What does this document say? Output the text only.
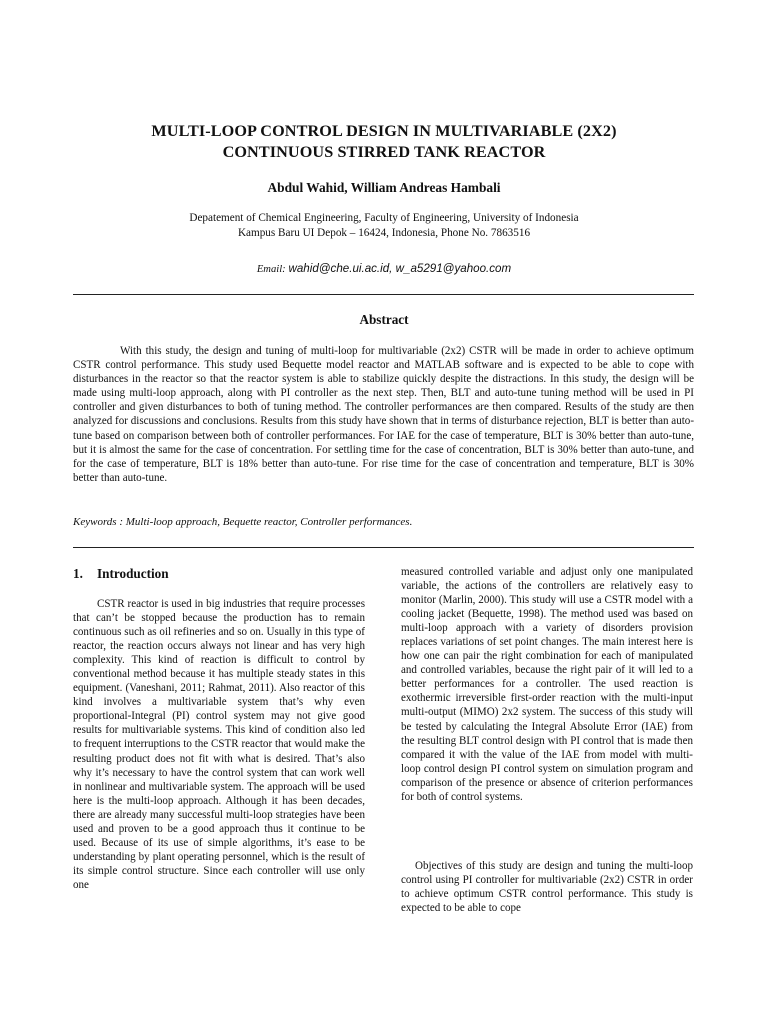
MULTI-LOOP CONTROL DESIGN IN MULTIVARIABLE (2X2)
CONTINUOUS STIRRED TANK REACTOR
Abdul Wahid, William Andreas Hambali
Depatement of Chemical Engineering, Faculty of Engineering, University of Indonesia
Kampus Baru UI Depok – 16424, Indonesia, Phone No. 7863516
Email: wahid@che.ui.ac.id, w_a5291@yahoo.com
Abstract

With this study, the design and tuning of multi-loop for multivariable (2x2) CSTR will be made in order to achieve optimum CSTR control performance. This study used Bequette model reactor and MATLAB software and is expected to be able to cope with disturbances in the reactor so that the reactor system is able to stabilize quickly despite the distractions. In this study, the design will be made using multi-loop approach, along with PI controller as the next step. Then, BLT and auto-tune tuning method will be used in PI controller and given disturbances to both of tuning method. The controller performances are then compared. Results of the study are then analyzed for discussions and conclusions. Results from this study have shown that in terms of disturbance rejection, BLT is better than auto-tune based on comparison between both of controller performances. For IAE for the case of temperature, BLT is 30% better than auto-tune, but it is almost the same for the case of concentration. For settling time for the case of concentration, BLT is 30% better than auto-tune, and for the case of temperature, BLT is 18% better than auto-tune. For rise time for the case of concentration and temperature, BLT is 30% better than auto-tune.

Keywords : Multi-loop approach, Bequette reactor, Controller performances.
1. Introduction

CSTR reactor is used in big industries that require processes that can’t be stopped because the production has to remain continuous such as oil refineries and so on. Usually in this type of reactor, the reaction occurs always not linear and has very high complexity. This kind of reaction is difficult to control by conventional method because it has multiple steady states in this equipment. (Vaneshani, 2011; Rahmat, 2011). Also reactor of this kind involves a multivariable system that’s why even proportional-Integral (PI) control system may not give good results for multivariable systems. This kind of condition also led to frequent interruptions to the CSTR reactor that would make the resulting product does not fit with what is desired. That’s also why it’s necessary to have the control system that can work well in nonlinear and multivariable system. The approach will be used here is the multi-loop approach. Although it has been decades, there are already many successful multi-loop strategies have been used and proven to be a good approach thus it continue to be used. Because of its use of simple algorithms, it’s ease to be understanding by plant operating personnel, which is the result of its simple control structure. Since each controller will use only one

measured controlled variable and adjust only one manipulated variable, the actions of the controllers are relatively easy to monitor (Marlin, 2000). This study will use a CSTR model with a cooling jacket (Bequette, 1998). The method used was based on multi-loop approach with a variety of disorders provision replaces variations of set point changes. The main interest here is how one can pair the right combination for each of manipulated and controlled variables, because the right pair of it will led to a better performances for a controller. The used reaction is exothermic irreversible first-order reaction with the multi-input multi-output (MIMO) 2x2 system. The success of this study will be tested by calculating the Integral Absolute Error (IAE) from the resulting BLT control design with PI control that is made then compared it with the value of the IAE from model with multi-loop control design PI control system on simulation program and comparison of the presence or absence of criterion performances for both of control systems.

Objectives of this study are design and tuning the multi-loop control using PI controller for multivariable (2x2) CSTR in order to achieve optimum CSTR control performance. This study is expected to be able to cope
